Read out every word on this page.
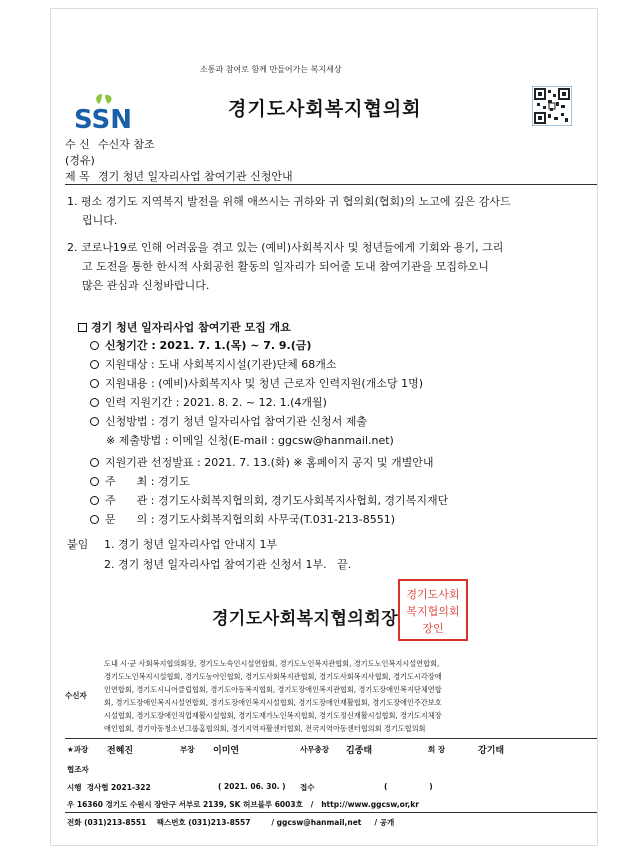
소통과 참여로 함께 만들어가는 복지세상
SSN	경기도사회복지협의회
수 신 수신자 참조
(경유)
제 목 경기 청년 일자리사업 참여기관 신청안내
1. 평소 경기도 지역복지 발전을 위해 애쓰시는 귀하와 귀 협의회(협회)의 노고에 깊은 감사드
립니다.
2. 코로나19로 인해 어려움을 겪고 있는 (예비)사회복지사 및 청년들에게 기회와 용기, 그리
고 도전을 통한 한시적 사회공헌 활동의 일자리가 되어줄 도내 참여기관을 모집하오니
많은 관심과 신청바랍니다.
경기 청년 일자리사업 참여기관 모집 개요
신청기간 : 2021. 7. 1.(목) ~ 7. 9.(금)
지원대상 : 도내 사회복지시설(기관)단체 68개소
지원내용 : (예비)사회복지사 및 청년 근로자 인력지원(개소당 1명)
인력 지원기간 : 2021. 8. 2. ~ 12. 1.(4개월)
신청방법 : 경기 청년 일자리사업 참여기관 신청서 제출
※ 제출방법 : 이메일 신청(E-mail : ggcsw@hanmail.net)
지원기관 선정발표 : 2021. 7. 13.(화) ※ 홈페이지 공지 및 개별안내
주      최 : 경기도
주      관 : 경기도사회복지협의회, 경기도사회복지사협회, 경기복지재단
문      의 : 경기도사회복지협의회 사무국(T.031-213-8551)
붙임 1. 경기 청년 일자리사업 안내지 1부
2. 경기 청년 일자리사업 참여기관 신청서 1부.   끝.
경기도사회
복지협의회
장인
경기도사회복지협의회장
수신자
도내 시·군 사회복지협의회장, 경기도노숙인시설연합회, 경기도노인복지관협회, 경기도노인복지시설연합회,
경기도노인복지시설협회, 경기도농아인협회, 경기도사회복지관협회, 경기도사회복지사협회, 경기도시각장애
인연합회, 경기도시니어클럽협회, 경기도아동복지협회, 경기도장애인복지관협회, 경기도장애인복지단체연합
회, 경기도장애인복지시설연합회, 경기도장애인복지시설협회, 경기도장애인재활협회, 경기도장애인주간보호
시설협회, 경기도장애인직업재활시설협회, 경기도재가노인복지협회, 경기도정신재활시설협회, 경기도지체장
애인협회, 경기아동청소년그룹홈협의회, 경기지역자활센터협회, 전국지역아동센터협의회 경기도협의회
★과장 전혜진	부장 이미연	사무총장 김종태	회 장	강기태
협조자
시행  경사협 2021-322	( 2021. 06. 30. ) 접수	(                )
우 16360 경기도 수원시 장안구 서부로 2139, SK 허브블루 6003호   /   http://www.ggcsw,or,kr
전화 (031)213-8551    팩스번호 (031)213-8557        / ggcsw@hanmail,net     / 공개
